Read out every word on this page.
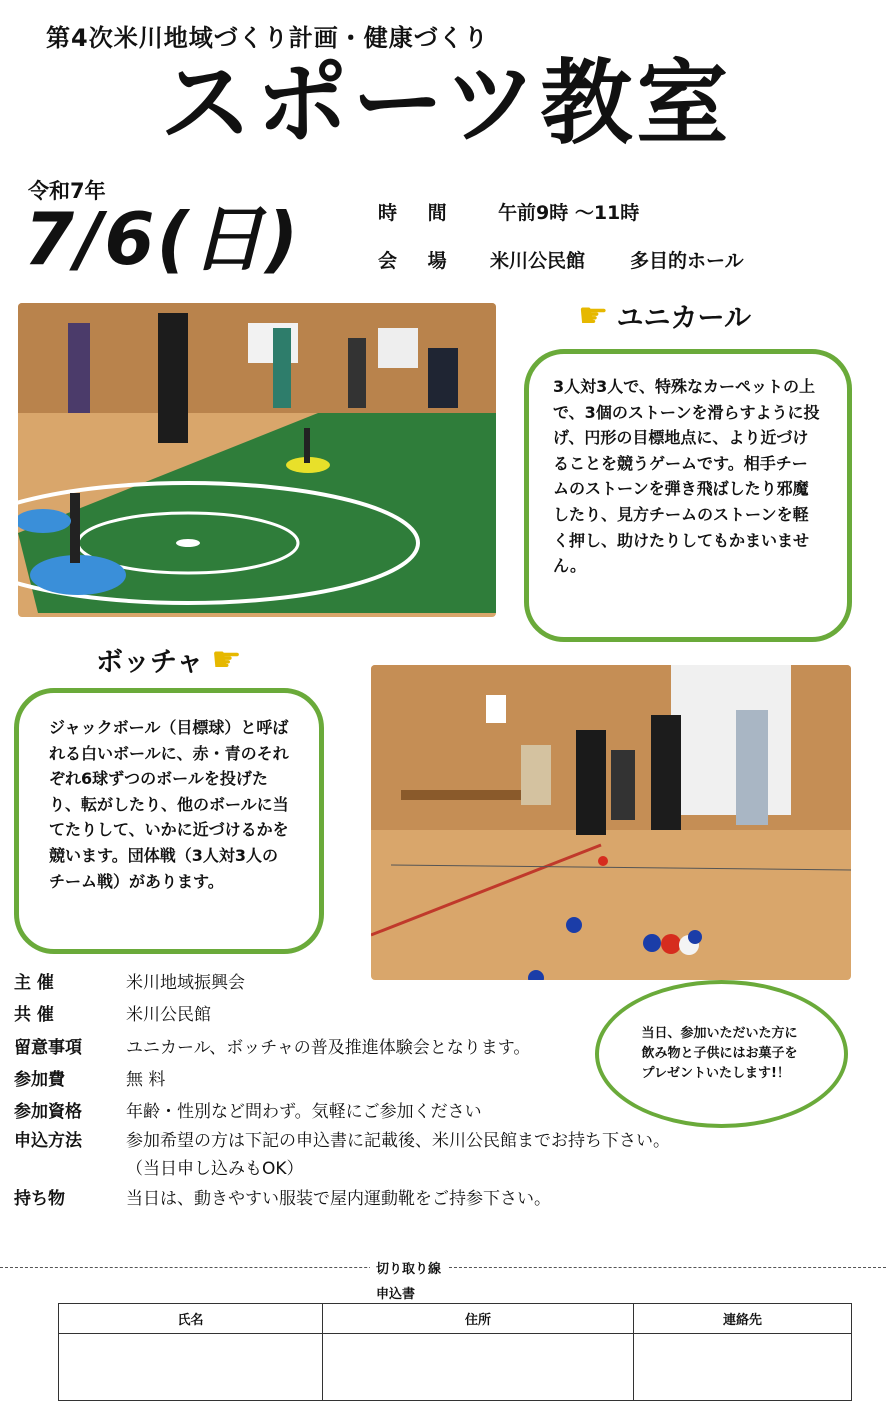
第4次米川地域づくり計画・健康づくり
スポーツ教室
令和7年
7/6(日)	時 間 午前9時 ～11時
会 場 米川公民館 多目的ホール
☛ ユニカール
3人対3人で、特殊なカーペットの上で、3個のストーンを滑らすように投げ、円形の目標地点に、より近づけることを競うゲームです。相手チームのストーンを弾き飛ばしたり邪魔したり、見方チームのストーンを軽く押し、助けたりしてもかまいません。
ボッチャ ☛
ジャックボール（目標球）と呼ばれる白いボールに、赤・青のそれぞれ6球ずつのボールを投げたり、転がしたり、他のボールに当てたりして、いかに近づけるかを競います。団体戦（3人対3人のチーム戦）があります。
当日、参加いただいた方に飲み物と子供にはお菓子をプレゼントいたします!！
主 催	米川地域振興会
共 催	米川公民館
留意事項	ユニカール、ボッチャの普及推進体験会となります。
参加費	無 料
参加資格	年齢・性別など問わず。気軽にご参加ください
申込方法	参加希望の方は下記の申込書に記載後、米川公民館までお持ち下さい。
（当日申し込みもOK）
持ち物	当日は、動きやすい服装で屋内運動靴をご持参下さい。
切り取り線
申込書
氏名	住所	連絡先
